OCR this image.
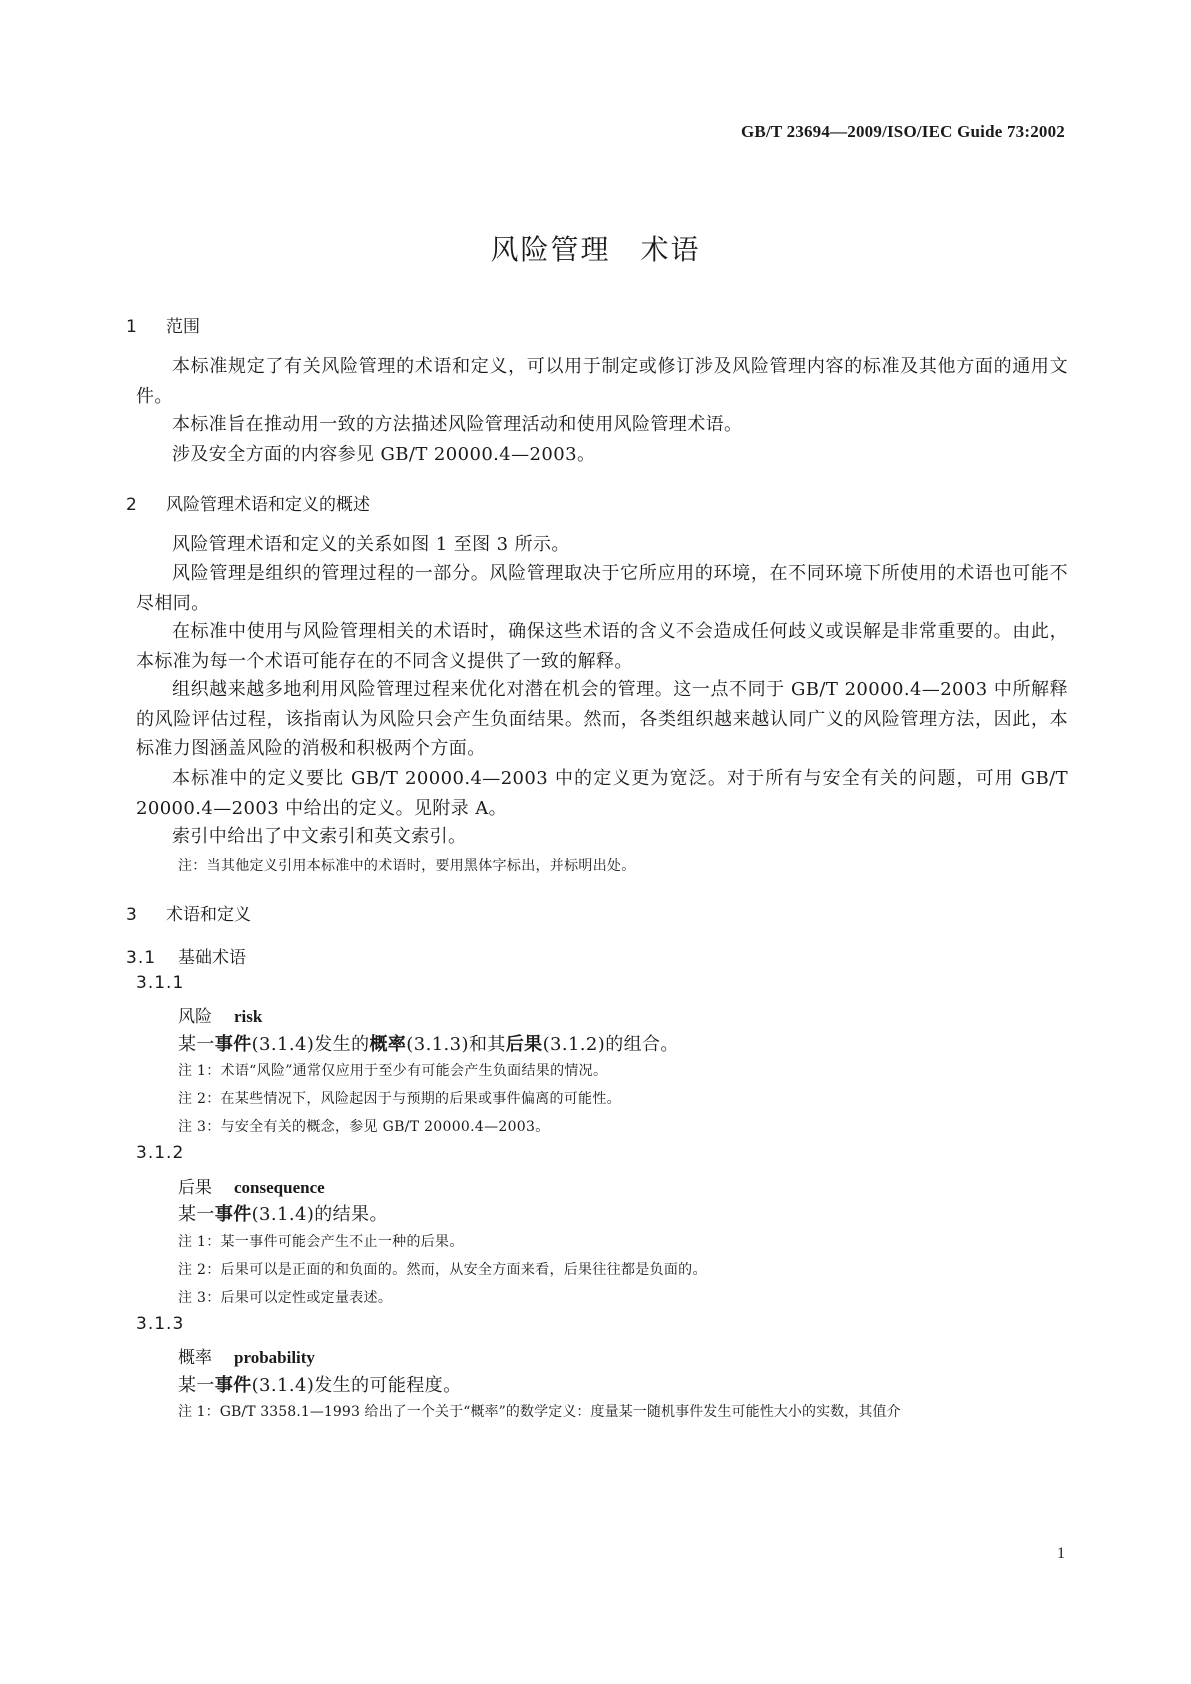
GB/T 23694—2009/ISO/IEC Guide 73:2002
风险管理　术语
1 范围
本标准规定了有关风险管理的术语和定义，可以用于制定或修订涉及风险管理内容的标准及其他方面的通用文件。
本标准旨在推动用一致的方法描述风险管理活动和使用风险管理术语。
涉及安全方面的内容参见 GB/T 20000.4—2003。
2 风险管理术语和定义的概述
风险管理术语和定义的关系如图 1 至图 3 所示。
风险管理是组织的管理过程的一部分。风险管理取决于它所应用的环境，在不同环境下所使用的术语也可能不尽相同。
在标准中使用与风险管理相关的术语时，确保这些术语的含义不会造成任何歧义或误解是非常重要的。由此，本标准为每一个术语可能存在的不同含义提供了一致的解释。
组织越来越多地利用风险管理过程来优化对潜在机会的管理。这一点不同于 GB/T 20000.4—2003 中所解释的风险评估过程，该指南认为风险只会产生负面结果。然而，各类组织越来越认同广义的风险管理方法，因此，本标准力图涵盖风险的消极和积极两个方面。
本标准中的定义要比 GB/T 20000.4—2003 中的定义更为宽泛。对于所有与安全有关的问题，可用 GB/T 20000.4—2003 中给出的定义。见附录 A。
索引中给出了中文索引和英文索引。
注：当其他定义引用本标准中的术语时，要用黑体字标出，并标明出处。
3 术语和定义
3.1 基础术语
3.1.1
风险 risk
某一事件(3.1.4)发生的概率(3.1.3)和其后果(3.1.2)的组合。
注 1：术语“风险”通常仅应用于至少有可能会产生负面结果的情况。
注 2：在某些情况下，风险起因于与预期的后果或事件偏离的可能性。
注 3：与安全有关的概念，参见 GB/T 20000.4—2003。
3.1.2
后果 consequence
某一事件(3.1.4)的结果。
注 1：某一事件可能会产生不止一种的后果。
注 2：后果可以是正面的和负面的。然而，从安全方面来看，后果往往都是负面的。
注 3：后果可以定性或定量表述。
3.1.3
概率 probability
某一事件(3.1.4)发生的可能程度。
注 1：GB/T 3358.1—1993 给出了一个关于“概率”的数学定义：度量某一随机事件发生可能性大小的实数，其值介
1
